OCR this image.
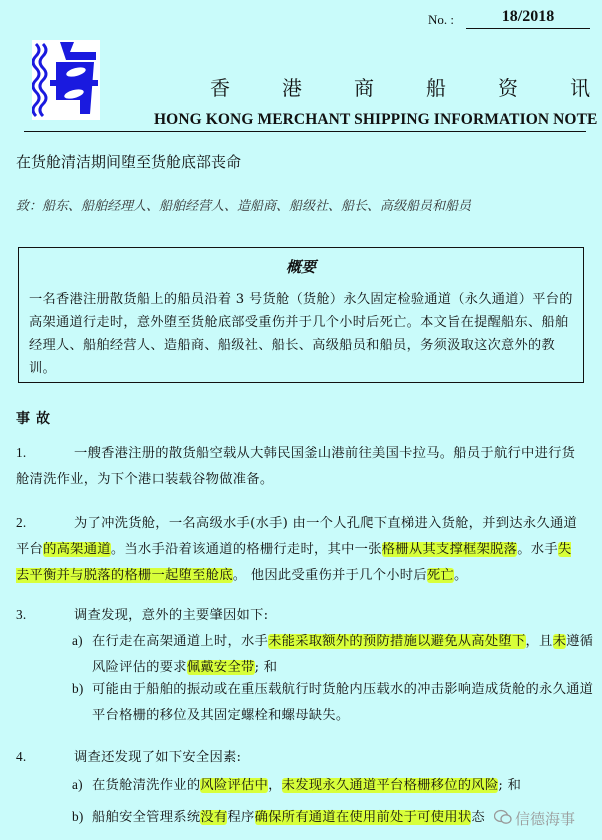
No. :	18/2018
香	港	商	船	资	讯
HONG KONG MERCHANT SHIPPING INFORMATION NOTE
在货舱清洁期间堕至货舱底部丧命
致：船东、船舶经理人、船舶经营人、造船商、船级社、船长、高级船员和船员
概要
一名香港注册散货船上的船员沿着 3 号货舱（货舱）永久固定检验通道（永久通道）平台的高架通道行走时，意外堕至货舱底部受重伤并于几个小时后死亡。本文旨在提醒船东、船舶经理人、船舶经营人、造船商、船级社、船长、高级船员和船员，务须汲取这次意外的教训。
事故
1.	一艘香港注册的散货船空载从大韩民国釜山港前往美国卡拉马。船员于航行中进行货舱清洗作业，为下个港口装载谷物做准备。
2.	为了冲洗货舱，一名高级水手(水手) 由一个人孔爬下直梯进入货舱，并到达永久通道平台的高架通道。当水手沿着该通道的格栅行走时，其中一张格栅从其支撑框架脱落。水手失去平衡并与脱落的格栅一起堕至舱底。 他因此受重伤并于几个小时后死亡。
3.	调查发现，意外的主要肇因如下:
a) 在行走在高架通道上时，水手未能采取额外的预防措施以避免从高处堕下，且未遵循风险评估的要求佩戴安全带; 和
b) 可能由于船舶的振动或在重压载航行时货舱内压载水的冲击影响造成货舱的永久通道平台格栅的移位及其固定螺栓和螺母缺失。
4.	调查还发现了如下安全因素:
a) 在货舱清洗作业的风险评估中，未发现永久通道平台格栅移位的风险; 和
b) 船舶安全管理系统没有程序确保所有通道在使用前处于可使用状态	信德海事
